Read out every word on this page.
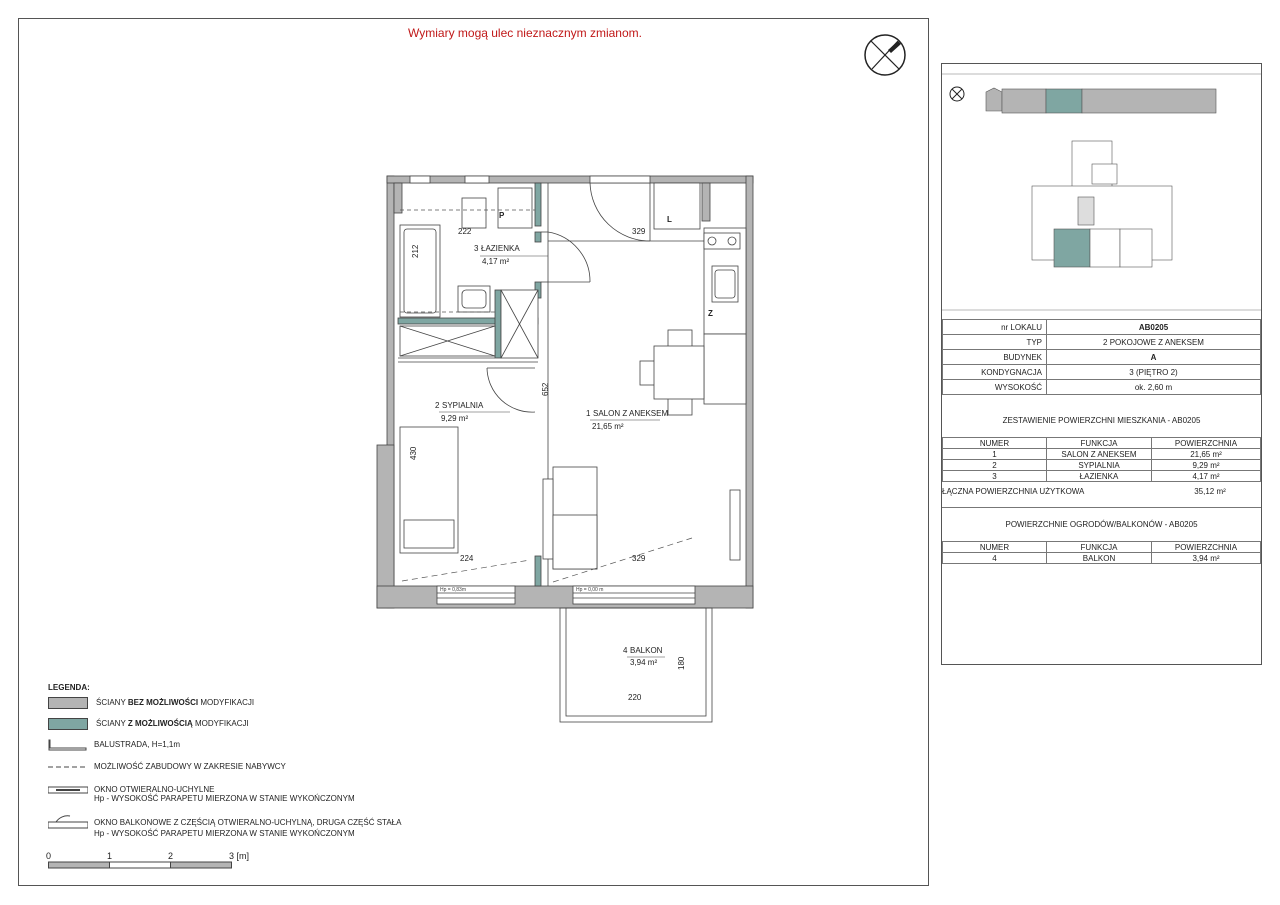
Wymiary mogą ulec nieznacznym zmianom.
222
212
329
652
430
224	329
220
180
3 ŁAZIENKA
4,17 m²
2 SYPIALNIA
9,29 m²
1 SALON Z ANEKSEM
21,65 m²
4 BALKON
3,94 m²
P	L
Z
Hp = 0,83m	Hp = 0,00 m
LEGENDA:
ŚCIANY BEZ MOŻLIWOŚCI MODYFIKACJI
ŚCIANY Z MOŻLIWOŚCIĄ MODYFIKACJI
BALUSTRADA, H=1,1m
MOŻLIWOŚĆ ZABUDOWY W ZAKRESIE NABYWCY
OKNO OTWIERALNO-UCHYLNE
Hp - WYSOKOŚĆ PARAPETU MIERZONA W STANIE WYKOŃCZONYM
OKNO BALKONOWE Z CZĘŚCIĄ OTWIERALNO-UCHYLNĄ, DRUGA CZĘŚĆ STAŁA
Hp - WYSOKOŚĆ PARAPETU MIERZONA W STANIE WYKOŃCZONYM
0	1	2	3 [m]
nr LOKALU	AB0205
TYP	2 POKOJOWE Z ANEKSEM
BUDYNEK	A
KONDYGNACJA	3 (PIĘTRO 2)
WYSOKOŚĆ	ok. 2,60 m
ZESTAWIENIE POWIERZCHNI MIESZKANIA - AB0205
NUMER	FUNKCJA	POWIERZCHNIA
1	SALON Z ANEKSEM	21,65 m²
2	SYPIALNIA	9,29 m²
3	ŁAZIENKA	4,17 m²
ŁĄCZNA POWIERZCHNIA UŻYTKOWA	35,12 m²
POWIERZCHNIE OGRODÓW/BALKONÓW - AB0205
NUMER	FUNKCJA	POWIERZCHNIA
4	BALKON	3,94 m²
